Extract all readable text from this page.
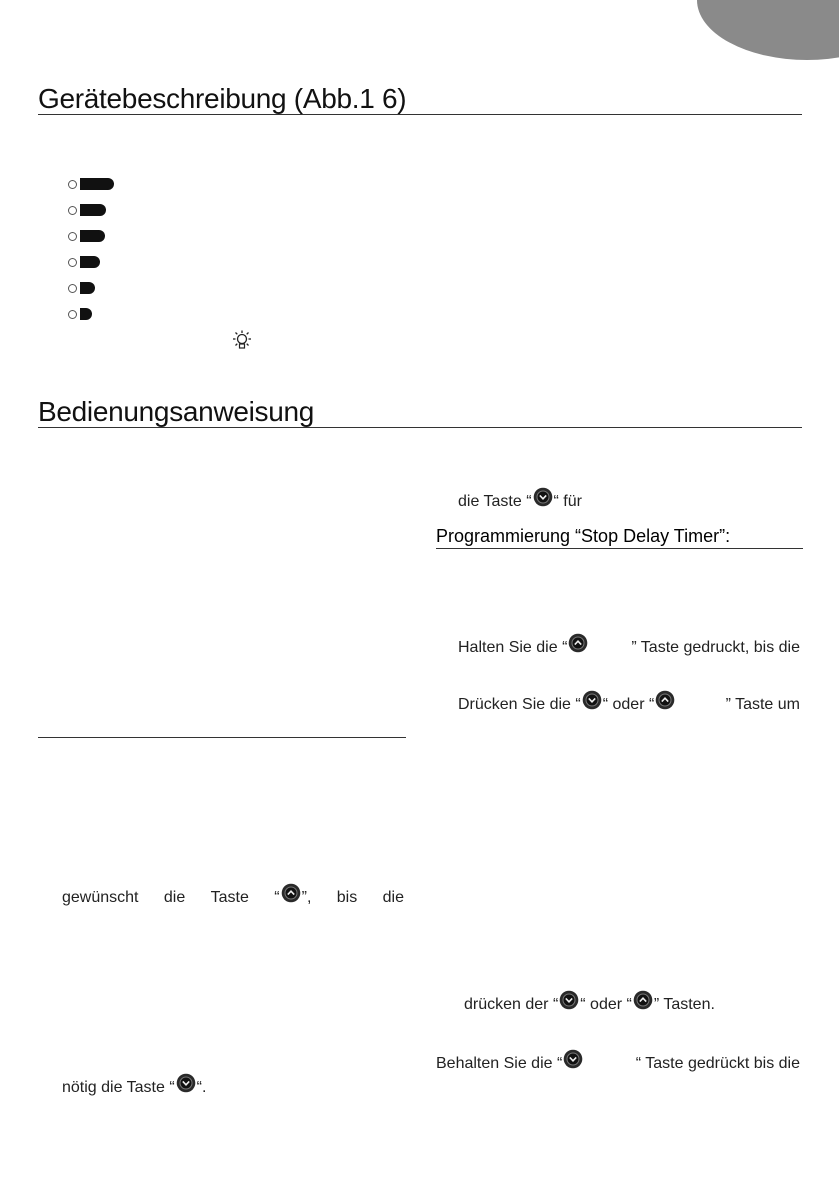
Gerätebeschreibung (Abb.1 6)
Bedienungsanweisung
die Taste “ “ für
Programmierung “Stop Delay Timer”:
Halten Sie die “	” Taste gedruckt, bis die
Drücken Sie die “ “ oder “	” Taste um
gewünscht die Taste “ ”, bis die
drücken der “ “ oder “ ” Tasten.
Behalten Sie die “	“ Taste gedrückt bis die
nötig die Taste “ “.
